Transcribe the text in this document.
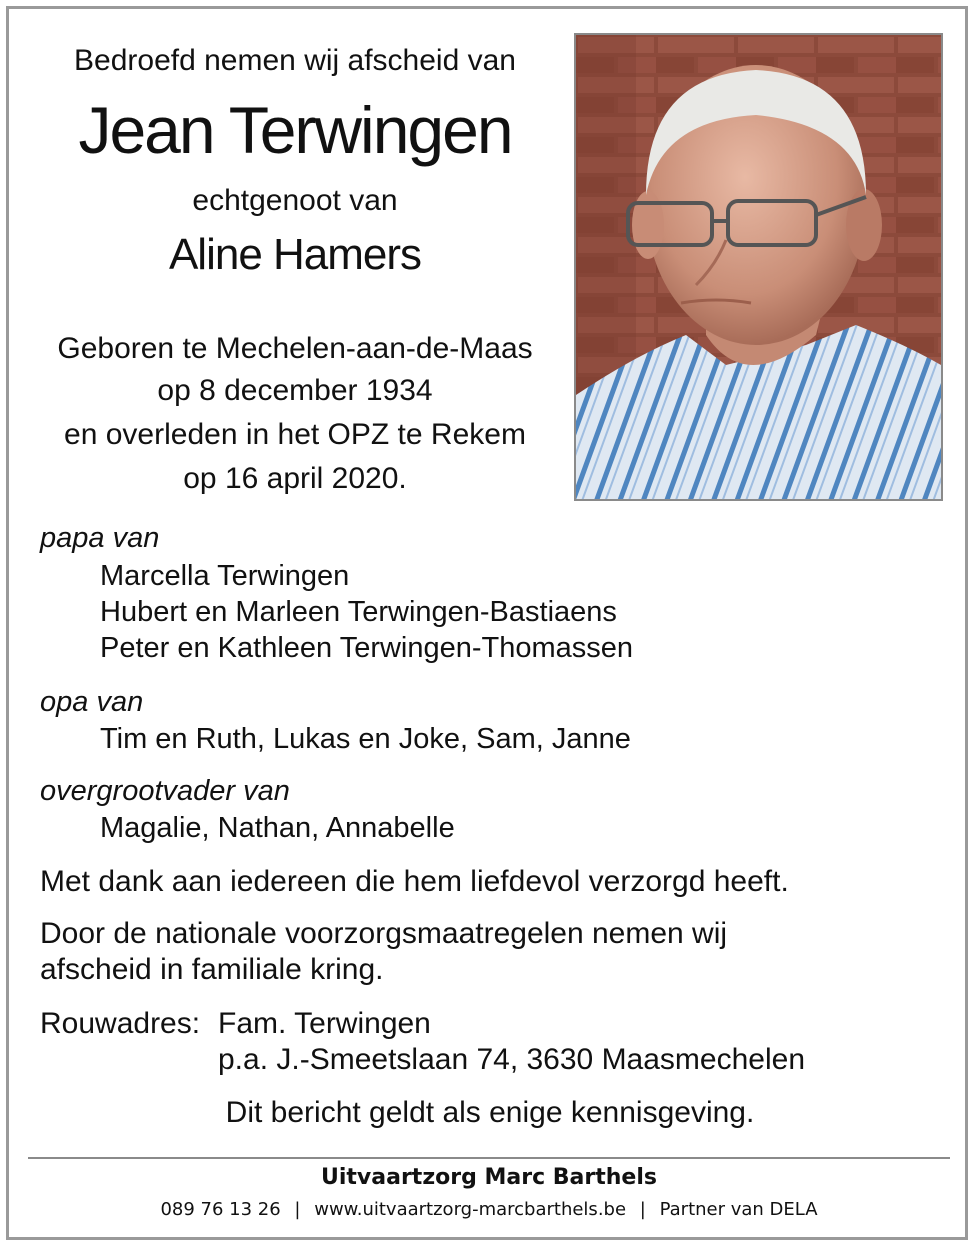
Bedroefd nemen wij afscheid van
Jean Terwingen
echtgenoot van
Aline Hamers
Geboren te Mechelen-aan-de-Maas
op 8 december 1934
en overleden in het OPZ te Rekem
op 16 april 2020.
papa van
Marcella Terwingen
Hubert en Marleen Terwingen-Bastiaens
Peter en Kathleen Terwingen-Thomassen
opa van
Tim en Ruth, Lukas en Joke, Sam, Janne
overgrootvader van
Magalie, Nathan, Annabelle
Met dank aan iedereen die hem liefdevol verzorgd heeft.
Door de nationale voorzorgsmaatregelen nemen wij
afscheid in familiale kring.
Rouwadres: Fam. Terwingen
p.a. J.-Smeetslaan 74, 3630 Maasmechelen
Dit bericht geldt als enige kennisgeving.
Uitvaartzorg Marc Barthels
089 76 13 26 | www.uitvaartzorg-marcbarthels.be | Partner van DELA
